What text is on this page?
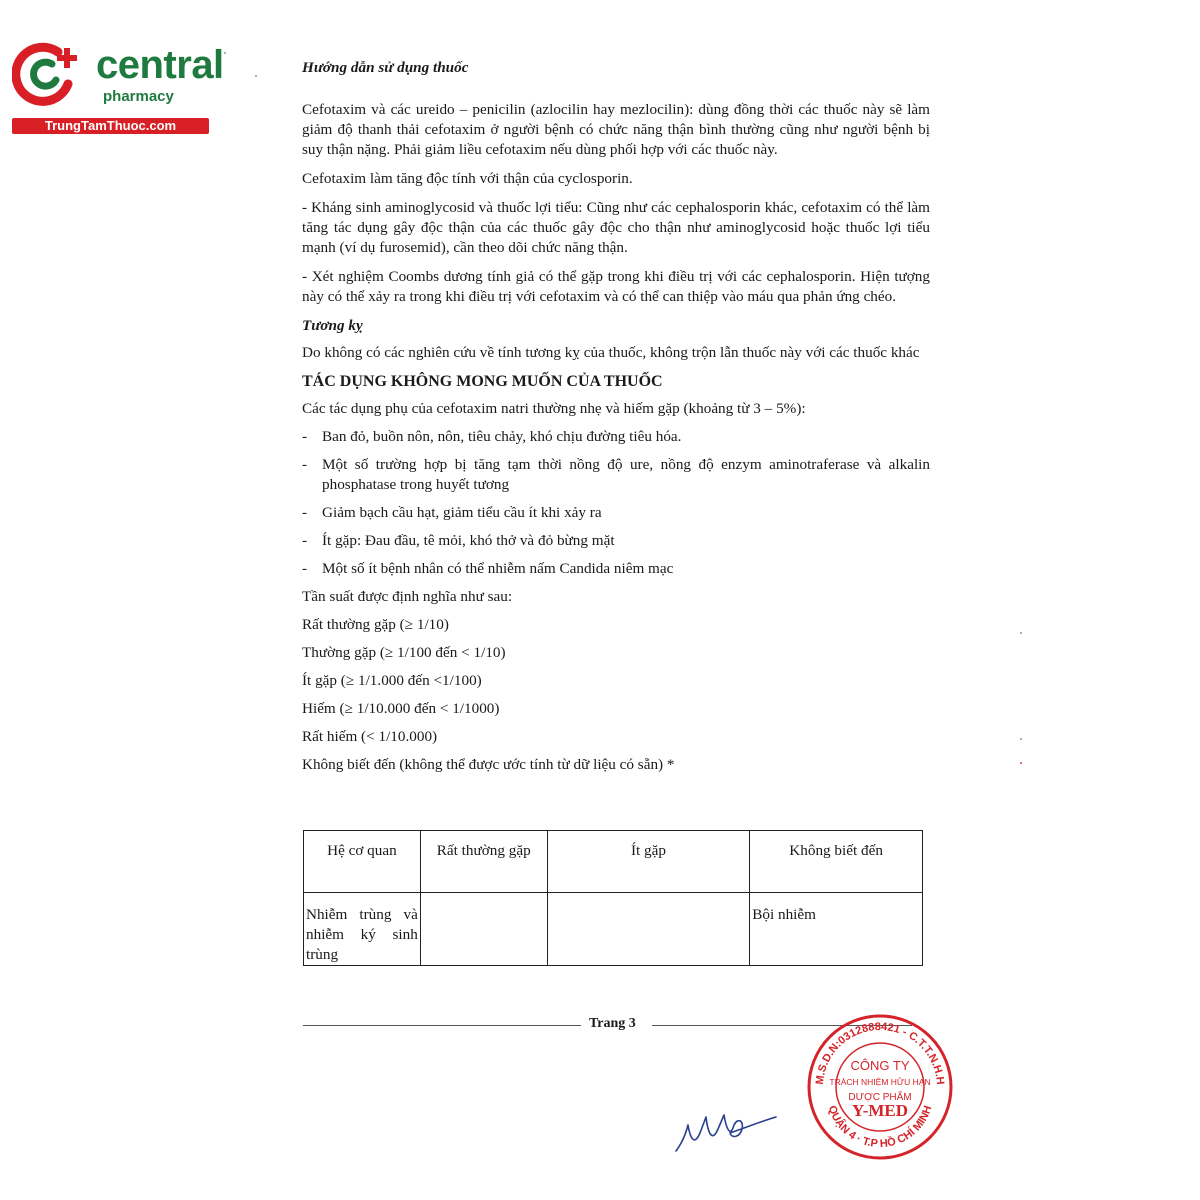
central
pharmacy
TrungTamThuoc.com

Hướng dẫn sử dụng thuốc

Cefotaxim và các ureido – penicilin (azlocilin hay mezlocilin): dùng đồng thời các thuốc này sẽ làm giảm độ thanh thải cefotaxim ở người bệnh có chức năng thận bình thường cũng như người bệnh bị suy thận nặng. Phải giảm liều cefotaxim nếu dùng phối hợp với các thuốc này.

Cefotaxim làm tăng độc tính với thận của cyclosporin.

- Kháng sinh aminoglycosid và thuốc lợi tiểu: Cũng như các cephalosporin khác, cefotaxim có thể làm tăng tác dụng gây độc thận của các thuốc gây độc cho thận như aminoglycosid hoặc thuốc lợi tiểu mạnh (ví dụ furosemid), cần theo dõi chức năng thận.

- Xét nghiệm Coombs dương tính giả có thể gặp trong khi điều trị với các cephalosporin. Hiện tượng này có thể xảy ra trong khi điều trị với cefotaxim và có thể can thiệp vào máu qua phản ứng chéo.

Tương kỵ

Do không có các nghiên cứu về tính tương kỵ của thuốc, không trộn lẫn thuốc này với các thuốc khác

TÁC DỤNG KHÔNG MONG MUỐN CỦA THUỐC

Các tác dụng phụ của cefotaxim natri thường nhẹ và hiếm gặp (khoảng từ 3 – 5%):

- Ban đỏ, buồn nôn, nôn, tiêu chảy, khó chịu đường tiêu hóa.
- Một số trường hợp bị tăng tạm thời nồng độ ure, nồng độ enzym aminotraferase và alkalin phosphatase trong huyết tương
- Giảm bạch cầu hạt, giảm tiểu cầu ít khi xảy ra
- Ít gặp: Đau đầu, tê mỏi, khó thở và đỏ bừng mặt
- Một số ít bệnh nhân có thể nhiễm nấm Candida niêm mạc

Tần suất được định nghĩa như sau:

Rất thường gặp (≥ 1/10)

Thường gặp (≥ 1/100 đến < 1/10)

Ít gặp (≥ 1/1.000 đến <1/100)

Hiếm (≥ 1/10.000 đến < 1/1000)

Rất hiếm (< 1/10.000)

Không biết đến (không thể được ước tính từ dữ liệu có sẵn) *

Hệ cơ quan	Rất thường gặp	Ít gặp	Không biết đến
Nhiễm trùng và nhiễm ký sinh trùng			Bội nhiễm
Trang 3
M.S.D.N:0312888421 - C.T.T.N.H.H
QUẬN 4 · T.P HỒ CHÍ MINH
CÔNG TY
TRÁCH NHIỆM HỮU HẠN
DƯỢC PHẨM
Y-MED
